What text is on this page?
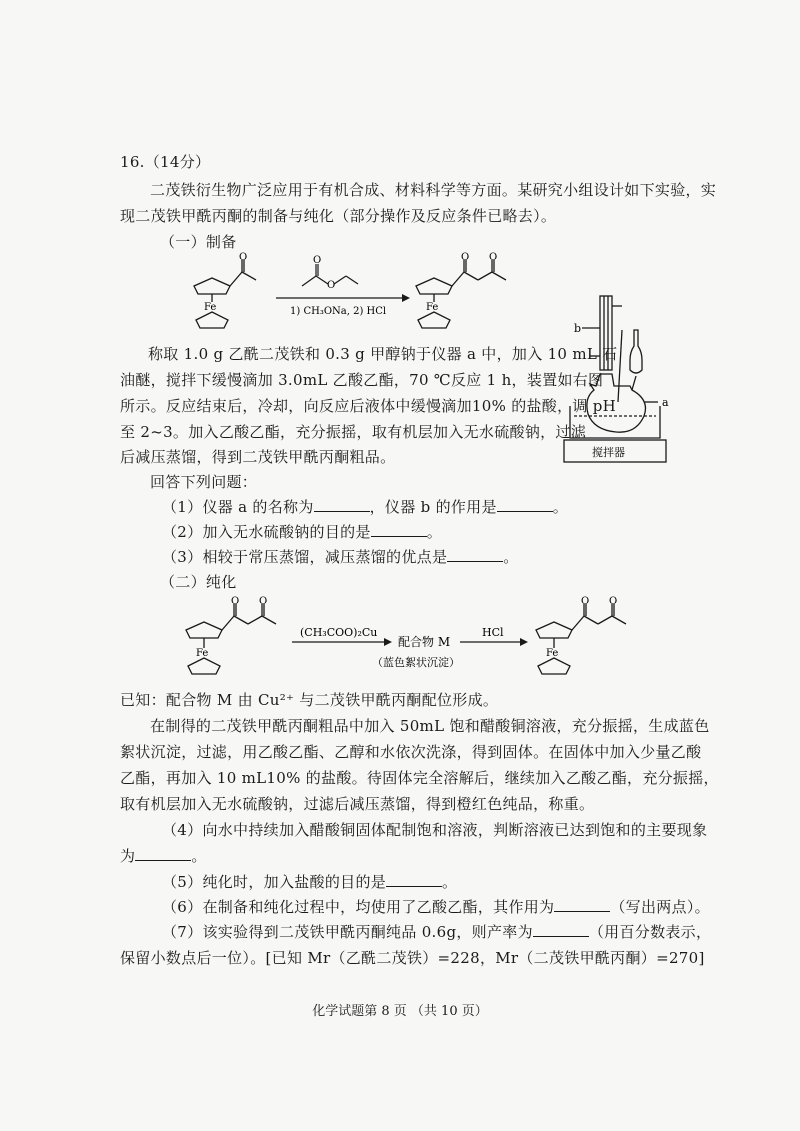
16.（14分）
二茂铁衍生物广泛应用于有机合成、材料科学等方面。某研究小组设计如下实验，实
现二茂铁甲酰丙酮的制备与纯化（部分操作及反应条件已略去）。
（一）制备
Fe
O	O
O
1) CH₃ONa, 2) HCl	Fe
O O
b
a
搅拌器
称取 1.0 g 乙酰二茂铁和 0.3 g 甲醇钠于仪器 a 中，加入 10 mL 石
油醚，搅拌下缓慢滴加 3.0mL 乙酸乙酯，70 ℃反应 1 h，装置如右图
所示。反应结束后，冷却，向反应后液体中缓慢滴加10% 的盐酸，调 pH
至 2~3。加入乙酸乙酯，充分振摇，取有机层加入无水硫酸钠，过滤
后减压蒸馏，得到二茂铁甲酰丙酮粗品。
回答下列问题：
（1）仪器 a 的名称为	，仪器 b 的作用是	。
（2）加入无水硫酸钠的目的是	。
（3）相较于常压蒸馏，减压蒸馏的优点是	。
（二）纯化
Fe
O O
(CH₃COO)₂Cu
配合物 M
（蓝色絮状沉淀）
HCl
Fe
O O
已知：配合物 M 由 Cu²⁺ 与二茂铁甲酰丙酮配位形成。
在制得的二茂铁甲酰丙酮粗品中加入 50mL 饱和醋酸铜溶液，充分振摇，生成蓝色
絮状沉淀，过滤，用乙酸乙酯、乙醇和水依次洗涤，得到固体。在固体中加入少量乙酸
乙酯，再加入 10 mL10% 的盐酸。待固体完全溶解后，继续加入乙酸乙酯，充分振摇，
取有机层加入无水硫酸钠，过滤后减压蒸馏，得到橙红色纯品，称重。
（4）向水中持续加入醋酸铜固体配制饱和溶液，判断溶液已达到饱和的主要现象
为	。
（5）纯化时，加入盐酸的目的是	。
（6）在制备和纯化过程中，均使用了乙酸乙酯，其作用为	（写出两点）。
（7）该实验得到二茂铁甲酰丙酮纯品 0.6g，则产率为	（用百分数表示，
保留小数点后一位）。[已知 Mr（乙酰二茂铁）=228，Mr（二茂铁甲酰丙酮）=270]
化学试题第 8 页 （共 10 页）
